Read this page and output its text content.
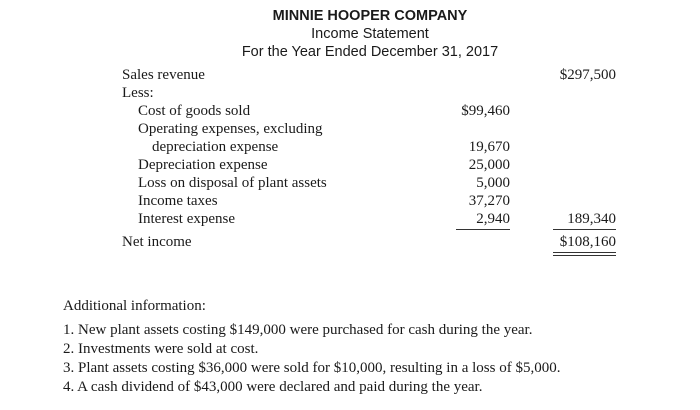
MINNIE HOOPER COMPANY
Income Statement
For the Year Ended December 31, 2017
Sales revenue	$297,500
Less:
Cost of goods sold	$99,460
Operating expenses, excluding
depreciation expense	19,670
Depreciation expense	25,000
Loss on disposal of plant assets	5,000
Income taxes	37,270
Interest expense	2,940	189,340
Net income	$108,160
Additional information:
1. New plant assets costing $149,000 were purchased for cash during the year.
2. Investments were sold at cost.
3. Plant assets costing $36,000 were sold for $10,000, resulting in a loss of $5,000.
4. A cash dividend of $43,000 were declared and paid during the year.
